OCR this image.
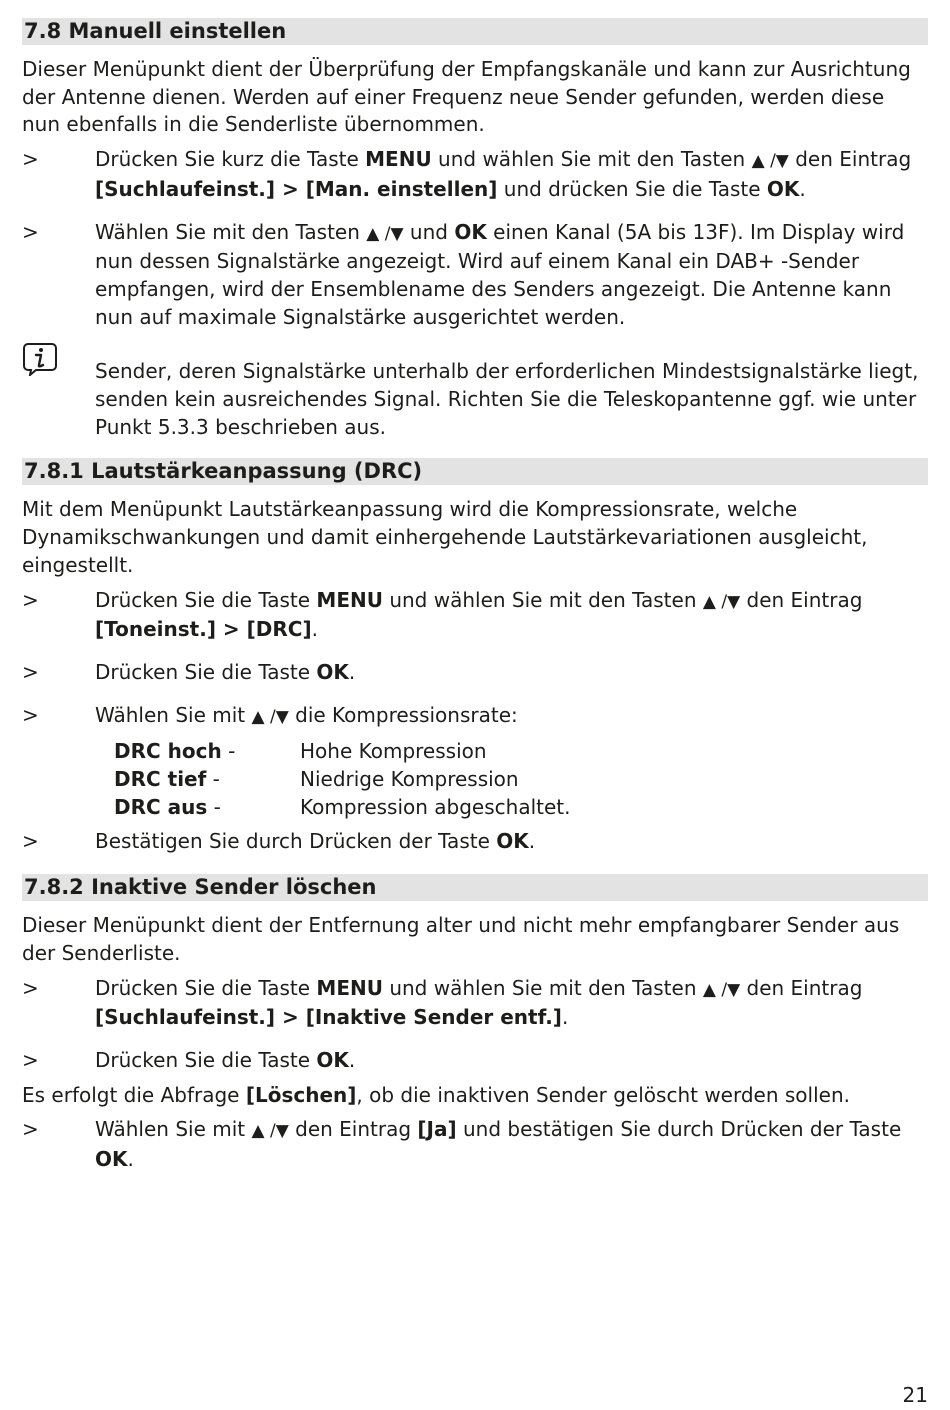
7.8 Manuell einstellen

Dieser Menüpunkt dient der Überprüfung der Empfangskanäle und kann zur Ausrichtung der Antenne dienen. Werden auf einer Frequenz neue Sender gefunden, werden diese nun ebenfalls in die Senderliste übernommen.

>	Drücken Sie kurz die Taste MENU und wählen Sie mit den Tasten ▲ /▼ den Eintrag [Suchlaufeinst.] > [Man. einstellen] und drücken Sie die Taste OK.
>	Wählen Sie mit den Tasten ▲ /▼ und OK einen Kanal (5A bis 13F). Im Display wird nun dessen Signalstärke angezeigt. Wird auf einem Kanal ein DAB+ -Sender empfangen, wird der Ensemblename des Senders angezeigt. Die Antenne kann nun auf maximale Signalstärke ausgerichtet werden.
Sender, deren Signalstärke unterhalb der erforderlichen Mindestsignalstärke liegt, senden kein ausreichendes Signal. Richten Sie die Teleskopantenne ggf. wie unter Punkt 5.3.3 beschrieben aus.
7.8.1 Lautstärkeanpassung (DRC)

Mit dem Menüpunkt Lautstärkeanpassung wird die Kompressionsrate, welche Dynamikschwankungen und damit einhergehende Lautstärkevariationen ausgleicht, eingestellt.

>	Drücken Sie die Taste MENU und wählen Sie mit den Tasten ▲ /▼ den Eintrag [Toneinst.] > [DRC].
>	Drücken Sie die Taste OK.
>	Wählen Sie mit ▲ /▼ die Kompressionsrate:
DRC hoch -	Hohe Kompression
DRC tief -	Niedrige Kompression
DRC aus -	Kompression abgeschaltet.
>	Bestätigen Sie durch Drücken der Taste OK.
7.8.2 Inaktive Sender löschen

Dieser Menüpunkt dient der Entfernung alter und nicht mehr empfangbarer Sender aus der Senderliste.

>	Drücken Sie die Taste MENU und wählen Sie mit den Tasten ▲ /▼ den Eintrag [Suchlaufeinst.] > [Inaktive Sender entf.].
>	Drücken Sie die Taste OK.

Es erfolgt die Abfrage [Löschen], ob die inaktiven Sender gelöscht werden sollen.

>	Wählen Sie mit ▲ /▼ den Eintrag [Ja] und bestätigen Sie durch Drücken der Taste OK.
21
